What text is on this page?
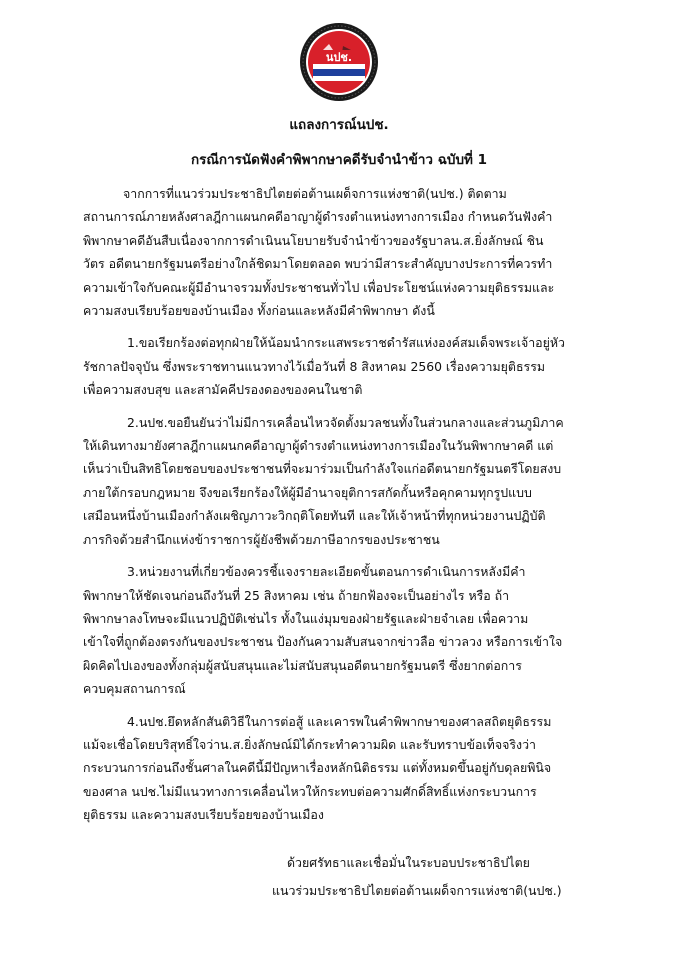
นปช.
แถลงการณ์นปช.
กรณีการนัดฟังคำพิพากษาคดีรับจำนำข้าว ฉบับที่ 1
จากการที่แนวร่วมประชาธิปไตยต่อต้านเผด็จการแห่งชาติ(นปช.) ติดตาม
สถานการณ์ภายหลังศาลฎีกาแผนกคดีอาญาผู้ดำรงตำแหน่งทางการเมือง กำหนดวันฟังคำ
พิพากษาคดีอันสืบเนื่องจากการดำเนินนโยบายรับจำนำข้าวของรัฐบาลน.ส.ยิ่งลักษณ์ ชิน
วัตร อดีตนายกรัฐมนตรีอย่างใกล้ชิดมาโดยตลอด พบว่ามีสาระสำคัญบางประการที่ควรทำ
ความเข้าใจกับคณะผู้มีอำนาจรวมทั้งประชาชนทั่วไป เพื่อประโยชน์แห่งความยุติธรรมและ
ความสงบเรียบร้อยของบ้านเมือง ทั้งก่อนและหลังมีคำพิพากษา ดังนี้
1.ขอเรียกร้องต่อทุกฝ่ายให้น้อมนำกระแสพระราชดำรัสแห่งองค์สมเด็จพระเจ้าอยู่หัว
รัชกาลปัจจุบัน ซึ่งพระราชทานแนวทางไว้เมื่อวันที่ 8 สิงหาคม 2560 เรื่องความยุติธรรม
เพื่อความสงบสุข และสามัคคีปรองดองของคนในชาติ
2.นปช.ขอยืนยันว่าไม่มีการเคลื่อนไหวจัดตั้งมวลชนทั้งในส่วนกลางและส่วนภูมิภาค
ให้เดินทางมายังศาลฎีกาแผนกคดีอาญาผู้ดำรงตำแหน่งทางการเมืองในวันพิพากษาคดี แต่
เห็นว่าเป็นสิทธิโดยชอบของประชาชนที่จะมาร่วมเป็นกำลังใจแก่อดีตนายกรัฐมนตรีโดยสงบ
ภายใต้กรอบกฎหมาย จึงขอเรียกร้องให้ผู้มีอำนาจยุติการสกัดกั้นหรือคุกคามทุกรูปแบบ
เสมือนหนึ่งบ้านเมืองกำลังเผชิญภาวะวิกฤติโดยทันที และให้เจ้าหน้าที่ทุกหน่วยงานปฏิบัติ
ภารกิจด้วยสำนึกแห่งข้าราชการผู้ยังชีพด้วยภาษีอากรของประชาชน
3.หน่วยงานที่เกี่ยวข้องควรชี้แจงรายละเอียดขั้นตอนการดำเนินการหลังมีคำ
พิพากษาให้ชัดเจนก่อนถึงวันที่ 25 สิงหาคม เช่น ถ้ายกฟ้องจะเป็นอย่างไร หรือ ถ้า
พิพากษาลงโทษจะมีแนวปฏิบัติเช่นไร ทั้งในแง่มุมของฝ่ายรัฐและฝ่ายจำเลย เพื่อความ
เข้าใจที่ถูกต้องตรงกันของประชาชน ป้องกันความสับสนจากข่าวลือ ข่าวลวง หรือการเข้าใจ
ผิดคิดไปเองของทั้งกลุ่มผู้สนับสนุนและไม่สนับสนุนอดีตนายกรัฐมนตรี ซึ่งยากต่อการ
ควบคุมสถานการณ์
4.นปช.ยึดหลักสันติวิธีในการต่อสู้ และเคารพในคำพิพากษาของศาลสถิตยุติธรรม
แม้จะเชื่อโดยบริสุทธิ์ใจว่าน.ส.ยิ่งลักษณ์มิได้กระทำความผิด และรับทราบข้อเท็จจริงว่า
กระบวนการก่อนถึงชั้นศาลในคดีนี้มีปัญหาเรื่องหลักนิติธรรม แต่ทั้งหมดขึ้นอยู่กับดุลยพินิจ
ของศาล นปช.ไม่มีแนวทางการเคลื่อนไหวให้กระทบต่อความศักดิ์สิทธิ์แห่งกระบวนการ
ยุติธรรม และความสงบเรียบร้อยของบ้านเมือง
ด้วยศรัทธาและเชื่อมั่นในระบอบประชาธิปไตย
แนวร่วมประชาธิปไตยต่อต้านเผด็จการแห่งชาติ(นปช.)
